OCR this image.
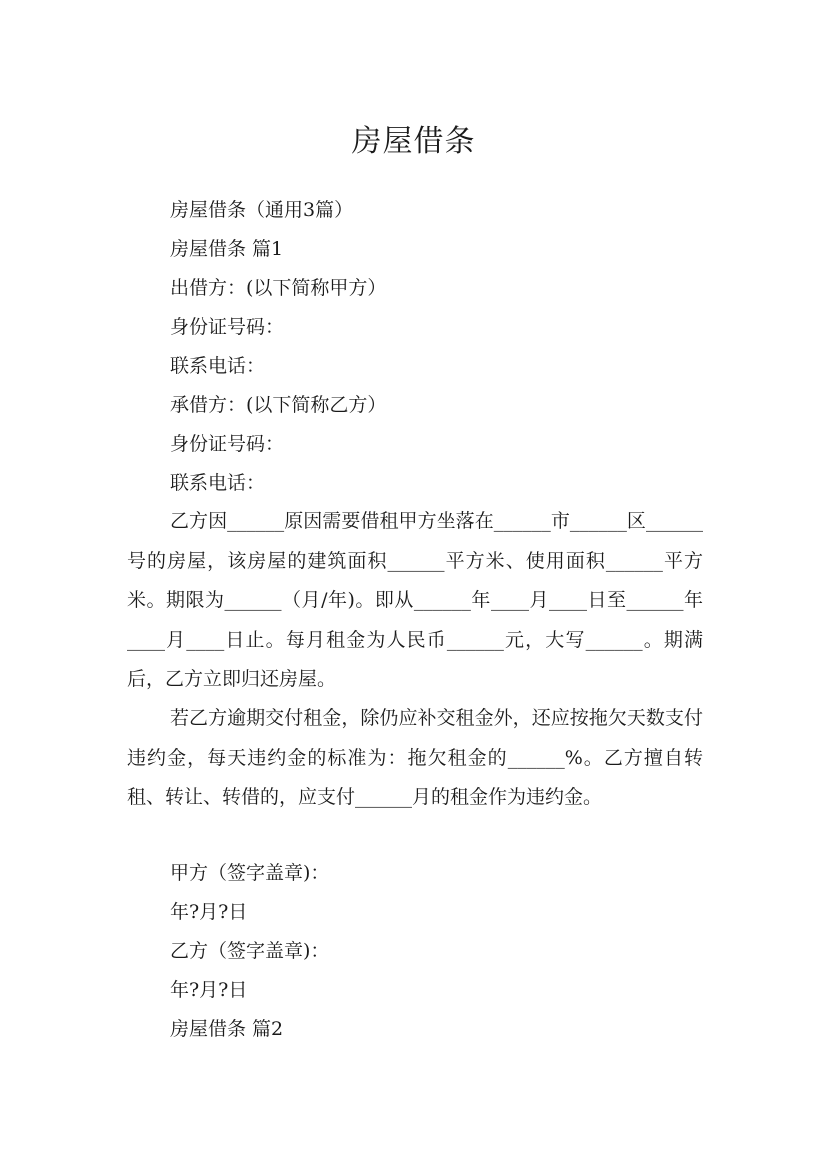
房屋借条
房屋借条（通用3篇）
房屋借条 篇1
出借方：(以下简称甲方）
身份证号码：
联系电话：
承借方：(以下简称乙方）
身份证号码：
联系电话：

乙方因______原因需要借租甲方坐落在______市______区______号的房屋，该房屋的建筑面积______平方米、使用面积______平方米。期限为______（月/年)。即从______年____月____日至______年____月____日止。每月租金为人民币______元，大写______。期满后，乙方立即归还房屋。

若乙方逾期交付租金，除仍应补交租金外，还应按拖欠天数支付违约金，每天违约金的标准为：拖欠租金的______%。乙方擅自转租、转让、转借的，应支付______月的租金作为违约金。

甲方（签字盖章)：
年?月?日
乙方（签字盖章)：
年?月?日
房屋借条 篇2
